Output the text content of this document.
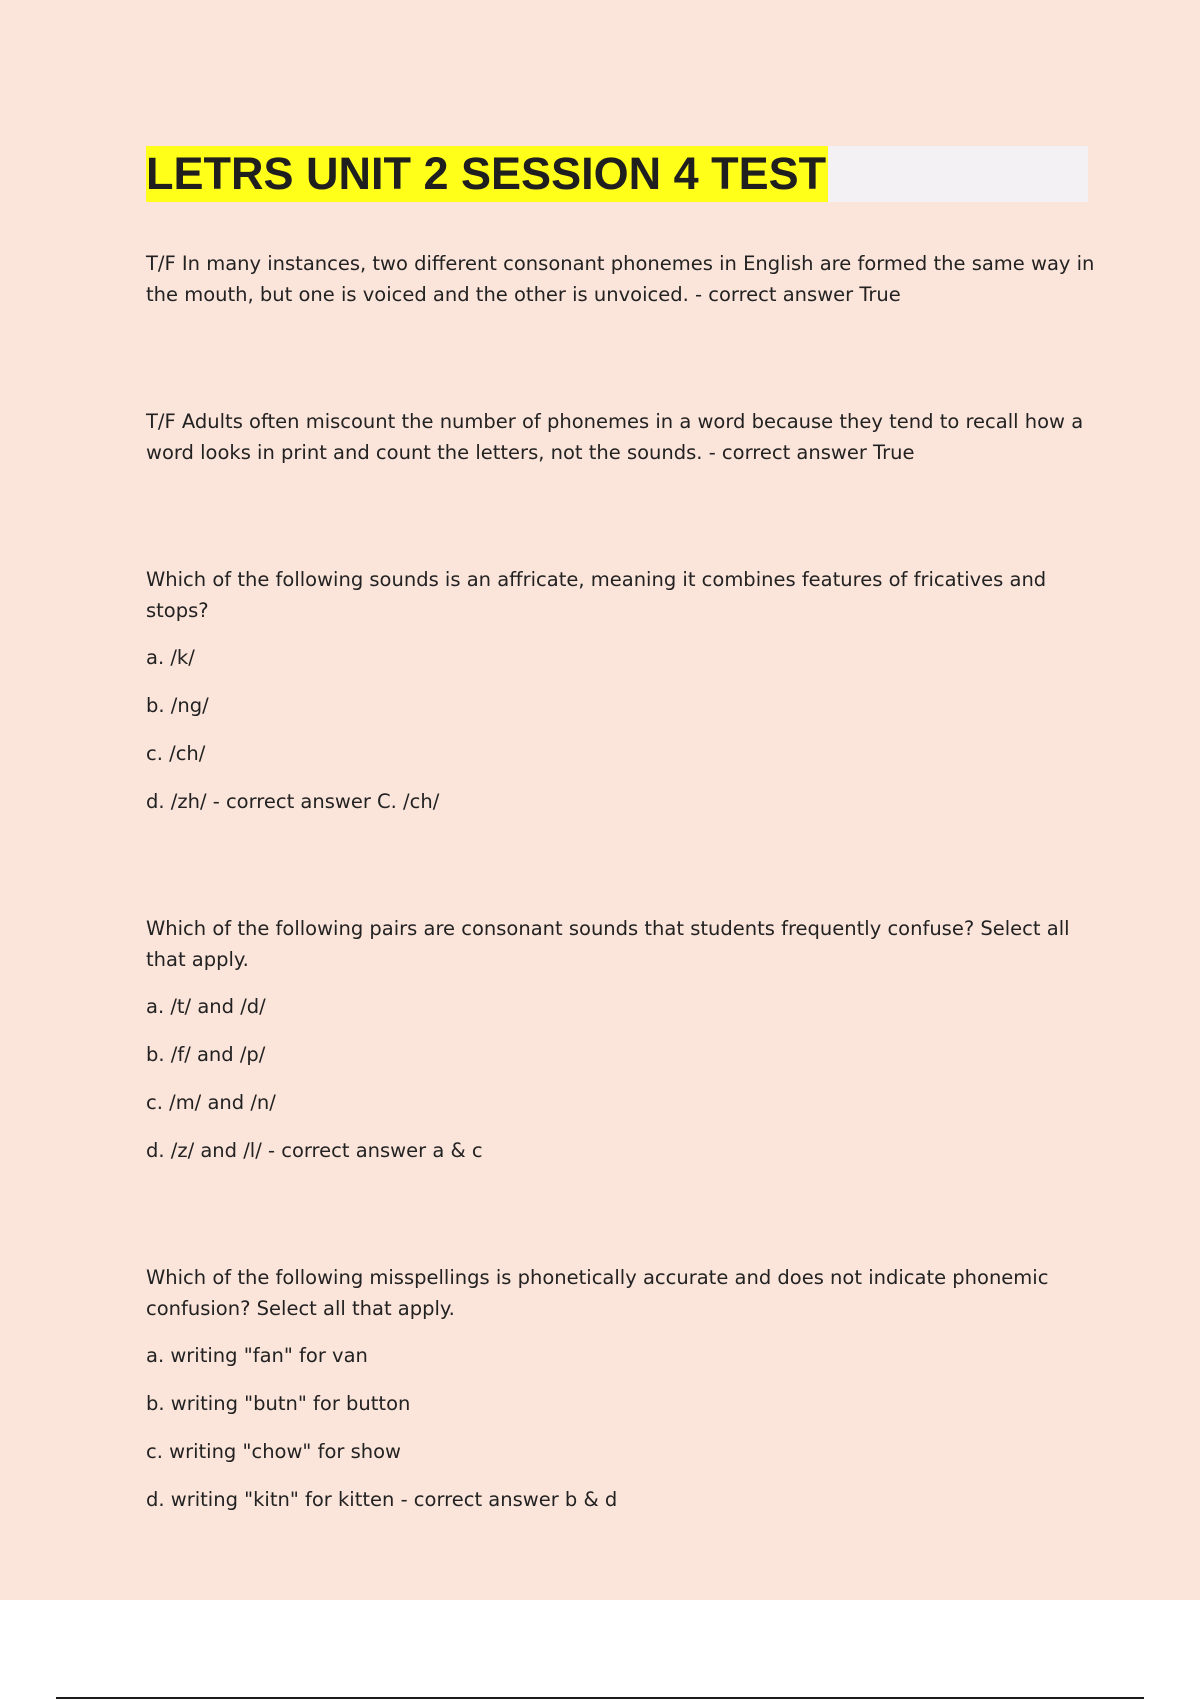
LETRS UNIT 2 SESSION 4 TEST

T/F In many instances, two different consonant phonemes in English are formed the same way in the mouth, but one is voiced and the other is unvoiced. - correct answer True

T/F Adults often miscount the number of phonemes in a word because they tend to recall how a word looks in print and count the letters, not the sounds. - correct answer True

Which of the following sounds is an affricate, meaning it combines features of fricatives and stops?

a. /k/

b. /ng/

c. /ch/

d. /zh/ - correct answer C. /ch/

Which of the following pairs are consonant sounds that students frequently confuse? Select all that apply.

a. /t/ and /d/

b. /f/ and /p/

c. /m/ and /n/

d. /z/ and /l/ - correct answer a & c

Which of the following misspellings is phonetically accurate and does not indicate phonemic confusion? Select all that apply.

a. writing "fan" for van

b. writing "butn" for button

c. writing "chow" for show

d. writing "kitn" for kitten - correct answer b & d
